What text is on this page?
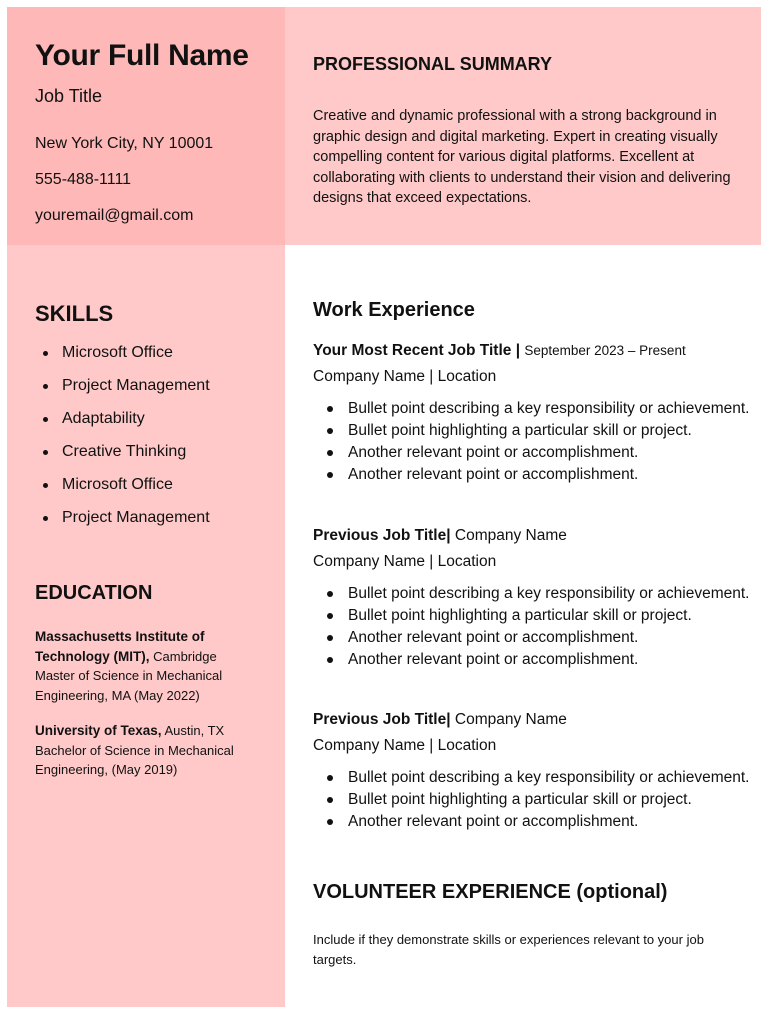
Your Full Name
Job Title
New York City, NY 10001
555-488-1111
youremail@gmail.com
PROFESSIONAL SUMMARY
Creative and dynamic professional with a strong background in graphic design and digital marketing. Expert in creating visually compelling content for various digital platforms. Excellent at collaborating with clients to understand their vision and delivering designs that exceed expectations.
SKILLS
Microsoft Office
Project Management
Adaptability
Creative Thinking
Microsoft Office
Project Management
EDUCATION
Massachusetts Institute of Technology (MIT), Cambridge
Master of Science in Mechanical Engineering, MA (May 2022)
University of Texas, Austin, TX
Bachelor of Science in Mechanical Engineering, (May 2019)
Work Experience
Your Most Recent Job Title | September 2023 – Present
Company Name | Location
Bullet point describing a key responsibility or achievement.
Bullet point highlighting a particular skill or project.
Another relevant point or accomplishment.
Another relevant point or accomplishment.
Previous Job Title| Company Name
Company Name | Location
Bullet point describing a key responsibility or achievement.
Bullet point highlighting a particular skill or project.
Another relevant point or accomplishment.
Another relevant point or accomplishment.
Previous Job Title| Company Name
Company Name | Location
Bullet point describing a key responsibility or achievement.
Bullet point highlighting a particular skill or project.
Another relevant point or accomplishment.
VOLUNTEER EXPERIENCE (optional)
Include if they demonstrate skills or experiences relevant to your job targets.
